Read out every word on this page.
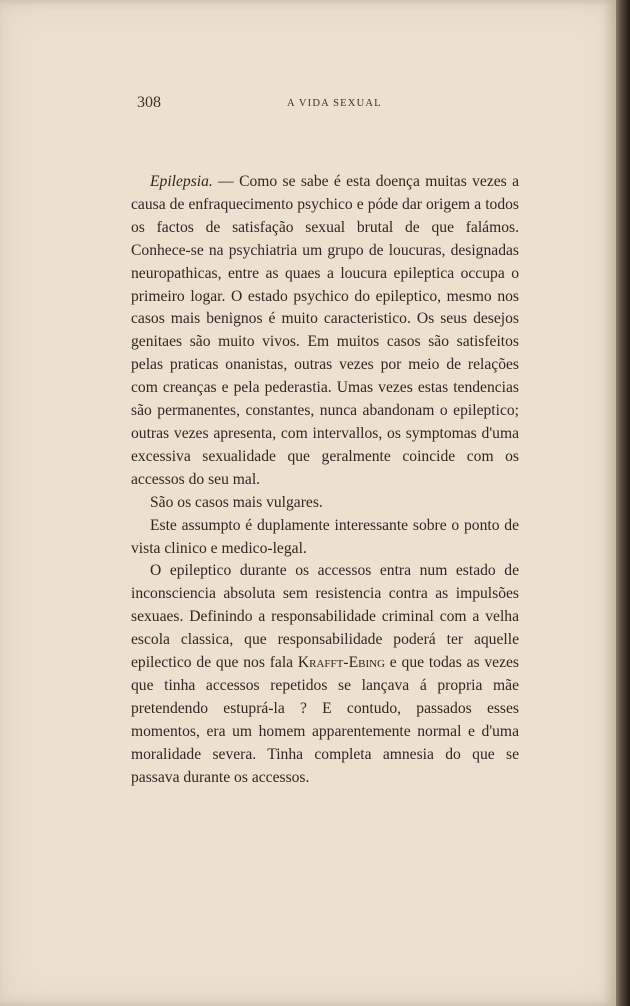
308	A VIDA SEXUAL

Epilepsia. — Como se sabe é esta doença muitas vezes a causa de enfraquecimento psychico e póde dar origem a todos os factos de satisfação sexual brutal de que falámos. Conhece-se na psychiatria um grupo de loucuras, designadas neuropathicas, entre as quaes a loucura epileptica occupa o primeiro logar. O estado psychico do epileptico, mesmo nos casos mais benignos é muito caracteristico. Os seus desejos genitaes são muito vivos. Em muitos casos são satisfeitos pelas praticas onanistas, outras vezes por meio de relações com creanças e pela pederastia. Umas vezes estas tendencias são permanentes, constantes, nunca abandonam o epileptico; outras vezes apresenta, com intervallos, os symptomas d'uma excessiva sexualidade que geralmente coincide com os accessos do seu mal.

São os casos mais vulgares.

Este assumpto é duplamente interessante sobre o ponto de vista clinico e medico-legal.

O epileptico durante os accessos entra num estado de inconsciencia absoluta sem resistencia contra as impulsões sexuaes. Definindo a responsabilidade criminal com a velha escola classica, que responsabilidade poderá ter aquelle epilectico de que nos fala Krafft-Ebing e que todas as vezes que tinha accessos repetidos se lançava á propria mãe pretendendo estuprá-la ? E contudo, passados esses momentos, era um homem apparentemente normal e d'uma moralidade severa. Tinha completa amnesia do que se passava durante os accessos.
